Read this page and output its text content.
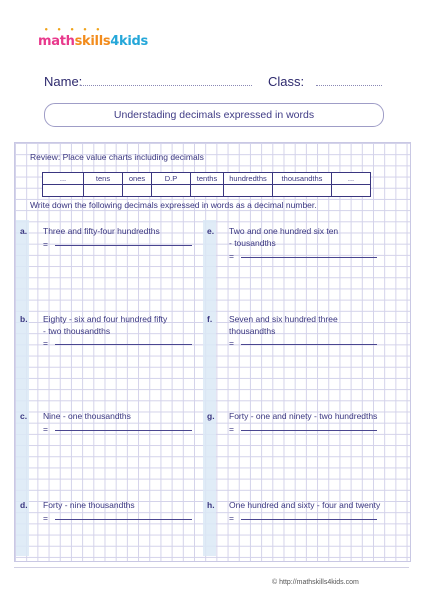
• • • • •
mathskills4kids
Name:	Class:
Understading decimals expressed in words
Review: Place value charts including decimals
...	tens	ones	D.P	tenths	hundredths	thousandths	...

Write down the following decimals expressed in words as a decimal number.
a. Three and fifty-four hundredths
=
e. Two and one hundred six ten
- tousandths
=
b. Eighty - six and four hundred fifty
- two thousandths
=
f. Seven and six hundred three
thousandths
=
c. Nine - one thousandths
=
g. Forty - one and ninety - two hundredths
=
d. Forty - nine thousandths
=
h. One hundred and sixty - four and twenty
=
© http://mathskills4kids.com
